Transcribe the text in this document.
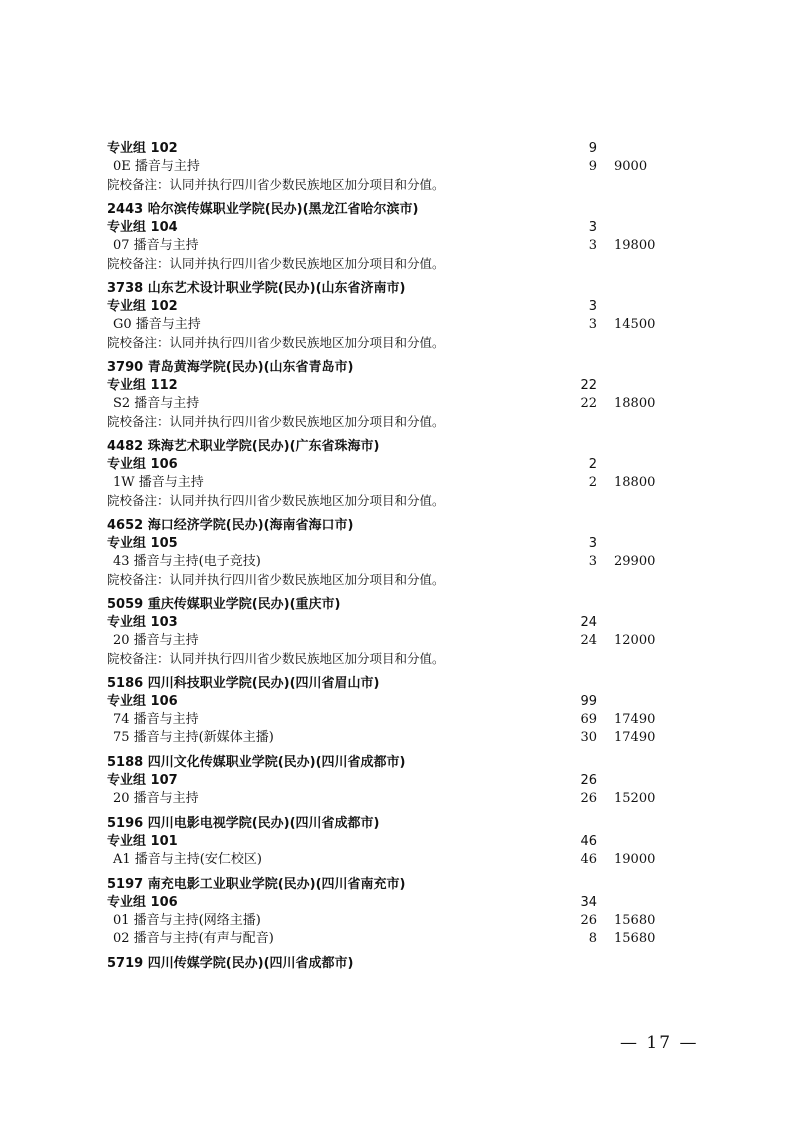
专业组 102	9
0E 播音与主持	9 9000
院校备注：认同并执行四川省少数民族地区加分项目和分值。
2443 哈尔滨传媒职业学院(民办)(黑龙江省哈尔滨市)
专业组 104	3
07 播音与主持	3 19800
院校备注：认同并执行四川省少数民族地区加分项目和分值。
3738 山东艺术设计职业学院(民办)(山东省济南市)
专业组 102	3
G0 播音与主持	3 14500
院校备注：认同并执行四川省少数民族地区加分项目和分值。
3790 青岛黄海学院(民办)(山东省青岛市)
专业组 112	22
S2 播音与主持	22 18800
院校备注：认同并执行四川省少数民族地区加分项目和分值。
4482 珠海艺术职业学院(民办)(广东省珠海市)
专业组 106	2
1W 播音与主持	2 18800
院校备注：认同并执行四川省少数民族地区加分项目和分值。
4652 海口经济学院(民办)(海南省海口市)
专业组 105	3
43 播音与主持(电子竞技)	3 29900
院校备注：认同并执行四川省少数民族地区加分项目和分值。
5059 重庆传媒职业学院(民办)(重庆市)
专业组 103	24
20 播音与主持	24 12000
院校备注：认同并执行四川省少数民族地区加分项目和分值。
5186 四川科技职业学院(民办)(四川省眉山市)
专业组 106	99
74 播音与主持	69 17490
75 播音与主持(新媒体主播)	30 17490
5188 四川文化传媒职业学院(民办)(四川省成都市)
专业组 107	26
20 播音与主持	26 15200
5196 四川电影电视学院(民办)(四川省成都市)
专业组 101	46
A1 播音与主持(安仁校区)	46 19000
5197 南充电影工业职业学院(民办)(四川省南充市)
专业组 106	34
01 播音与主持(网络主播)	26 15680
02 播音与主持(有声与配音)	8 15680
5719 四川传媒学院(民办)(四川省成都市)
— 17 —
